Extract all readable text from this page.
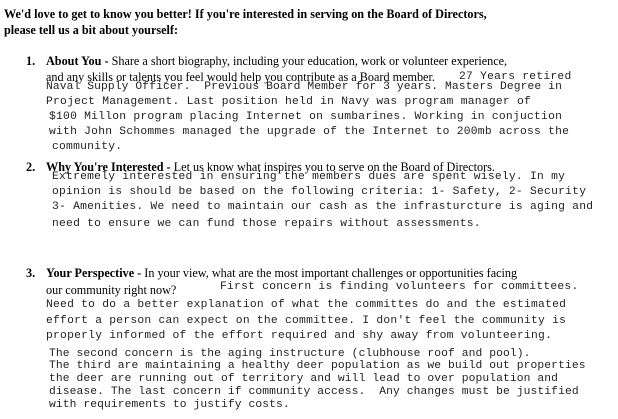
We'd love to get to know you better! If you're interested in serving on the Board of Directors,
please tell us a bit about yourself:
1. About You - Share a short biography, including your education, work or volunteer experience,
and any skills or talents you feel would help you contribute as a Board member. 27 Years retired
Naval Supply Officer.  Previous Board Member for 3 years. Masters Degree in
Project Management. Last position held in Navy was program manager of
$100 Millon program placing Internet on sumbarines. Working in conjuction
with John Schommes managed the upgrade of the Internet to 200mb across the
community.
2. Why You're Interested - Let us know what inspires you to serve on the Board of Directors.
Extremely interested in ensuring the members dues are spent wisely. In my
opinion is should be based on the following criteria: 1- Safety, 2- Security
3- Amenities. We need to maintain our cash as the infrasturcture is aging and
need to ensure we can fund those repairs without assessments.
3. Your Perspective - In your view, what are the most important challenges or opportunities facing
our community right now?	First concern is finding volunteers for committees.
Need to do a better explanation of what the committes do and the estimated
effort a person can expect on the committee. I don't feel the community is
properly informed of the effort required and shy away from volunteering.
The second concern is the aging instructure (clubhouse roof and pool).
The third are maintaining a healthy deer population as we build out properties
the deer are running out of territory and will lead to over population and
disease. The last concern if community access.  Any changes must be justified
with requirements to justify costs.
